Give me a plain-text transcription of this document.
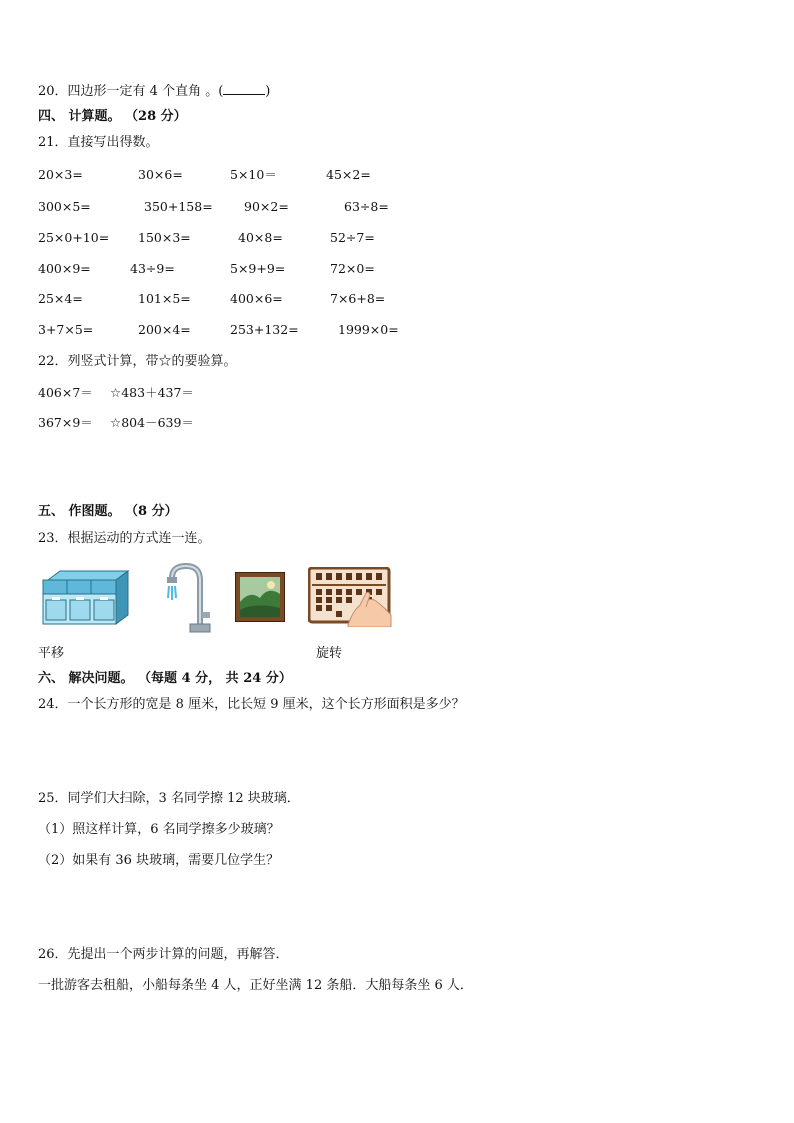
20．四边形一定有 4 个直角 。(	)
四、 计算题。 （28 分）
21．直接写出得数。
20×3=	30×6=	5×10＝	45×2=
300×5=	350+158=	90×2=	63÷8=
25×0+10= 150×3=	40×8=	52÷7=
400×9=	43÷9=	5×9+9=	72×0=
25×4=	101×5=	400×6=	7×6+8=
3+7×5=	200×4=	253+132=	1999×0=
22．列竖式计算，带☆的要验算。
406×7＝ ☆483＋437＝
367×9＝ ☆804－639＝
五、 作图题。 （8 分）
23．根据运动的方式连一连。
平移	旋转
六、 解决问题。 （每题 4 分， 共 24 分）
24．一个长方形的宽是 8 厘米，比长短 9 厘米，这个长方形面积是多少？
25．同学们大扫除，3 名同学擦 12 块玻璃．
（1）照这样计算，6 名同学擦多少玻璃？
（2）如果有 36 块玻璃，需要几位学生？
26．先提出一个两步计算的问题，再解答．
一批游客去租船，小船每条坐 4 人，正好坐满 12 条船．大船每条坐 6 人．
